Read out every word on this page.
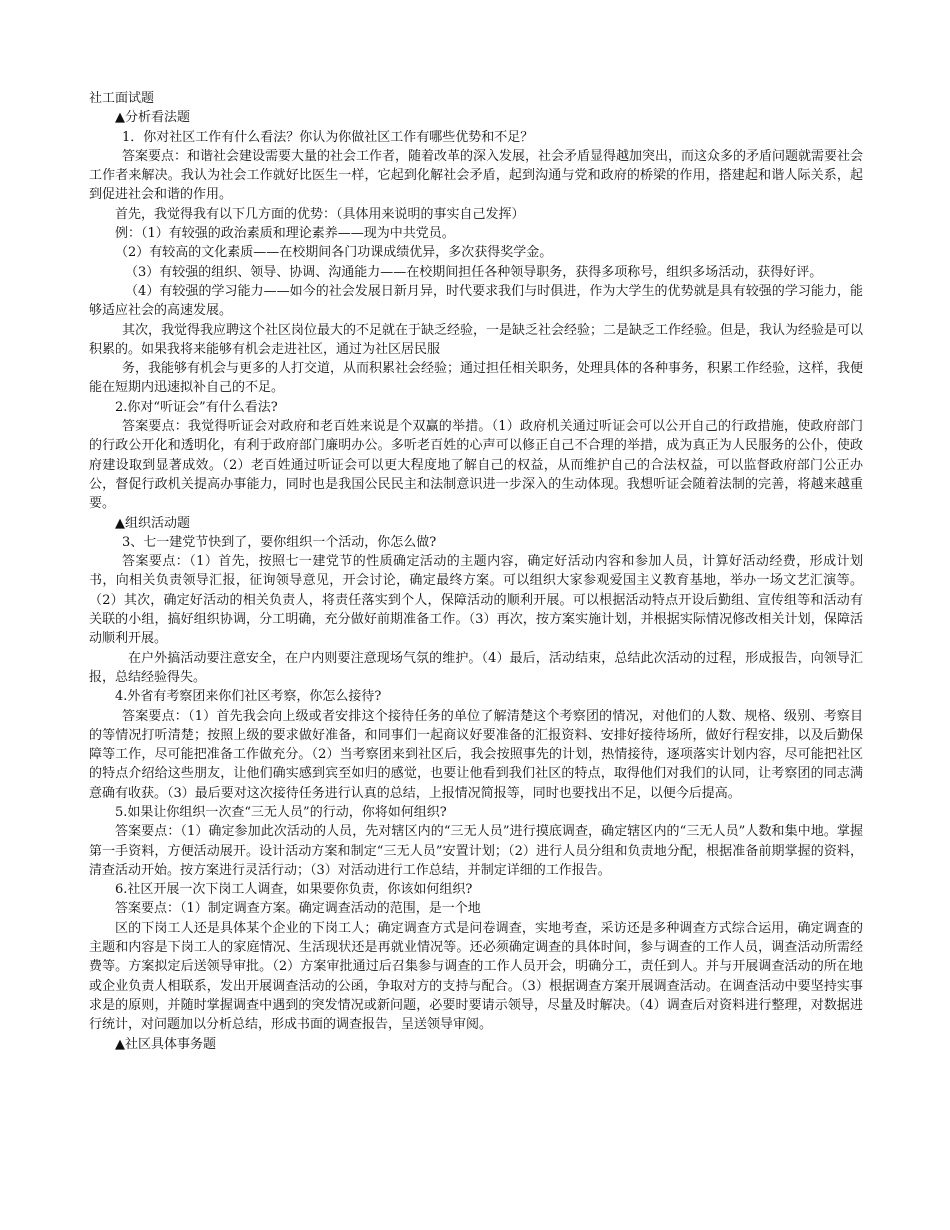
社工面试题

▲分析看法题

1．你对社区工作有什么看法？你认为你做社区工作有哪些优势和不足？

答案要点：和谐社会建设需要大量的社会工作者，随着改革的深入发展，社会矛盾显得越加突出，而这众多的矛盾问题就需要社会工作者来解决。我认为社会工作就好比医生一样，它起到化解社会矛盾，起到沟通与党和政府的桥梁的作用，搭建起和谐人际关系，起到促进社会和谐的作用。

首先，我觉得我有以下几方面的优势：（具体用来说明的事实自己发挥）

例：（1）有较强的政治素质和理论素养——现为中共党员。

（2）有较高的文化素质——在校期间各门功课成绩优异，多次获得奖学金。

（3）有较强的组织、领导、协调、沟通能力——在校期间担任各种领导职务，获得多项称号，组织多场活动，获得好评。

（4）有较强的学习能力——如今的社会发展日新月异，时代要求我们与时俱进，作为大学生的优势就是具有较强的学习能力，能够适应社会的高速发展。

其次，我觉得我应聘这个社区岗位最大的不足就在于缺乏经验，一是缺乏社会经验；二是缺乏工作经验。但是，我认为经验是可以积累的。如果我将来能够有机会走进社区，通过为社区居民服

务，我能够有机会与更多的人打交道，从而积累社会经验；通过担任相关职务，处理具体的各种事务，积累工作经验，这样，我便能在短期内迅速拟补自己的不足。

2.你对“听证会”有什么看法?

答案要点：我觉得听证会对政府和老百姓来说是个双赢的举措。（1）政府机关通过听证会可以公开自己的行政措施，使政府部门的行政公开化和透明化，有利于政府部门廉明办公。多听老百姓的心声可以修正自己不合理的举措，成为真正为人民服务的公仆，使政府建设取到显著成效。（2）老百姓通过听证会可以更大程度地了解自己的权益，从而维护自己的合法权益，可以监督政府部门公正办公，督促行政机关提高办事能力，同时也是我国公民民主和法制意识进一步深入的生动体现。我想听证会随着法制的完善，将越来越重要。

▲组织活动题

3、七一建党节快到了，要你组织一个活动，你怎么做?

答案要点：（1）首先，按照七一建党节的性质确定活动的主题内容，确定好活动内容和参加人员，计算好活动经费，形成计划书，向相关负责领导汇报，征询领导意见，开会讨论，确定最终方案。可以组织大家参观爱国主义教育基地，举办一场文艺汇演等。（2）其次，确定好活动的相关负责人，将责任落实到个人，保障活动的顺利开展。可以根据活动特点开设后勤组、宣传组等和活动有关联的小组，搞好组织协调，分工明确，充分做好前期准备工作。（3）再次，按方案实施计划，并根据实际情况修改相关计划，保障活动顺利开展。

在户外搞活动要注意安全，在户内则要注意现场气氛的维护。（4）最后，活动结束，总结此次活动的过程，形成报告，向领导汇报，总结经验得失。

4.外省有考察团来你们社区考察，你怎么接待?

答案要点：（1）首先我会向上级或者安排这个接待任务的单位了解清楚这个考察团的情况，对他们的人数、规格、级别、考察目的等情况打听清楚；按照上级的要求做好准备，和同事们一起商议好要准备的汇报资料、安排好接待场所，做好行程安排，以及后勤保障等工作，尽可能把准备工作做充分。（2）当考察团来到社区后，我会按照事先的计划，热情接待，逐项落实计划内容，尽可能把社区的特点介绍给这些朋友，让他们确实感到宾至如归的感觉，也要让他看到我们社区的特点，取得他们对我们的认同，让考察团的同志满意确有收获。（3）最后要对这次接待任务进行认真的总结，上报情况简报等，同时也要找出不足，以便今后提高。

5.如果让你组织一次查“三无人员”的行动，你将如何组织?

答案要点：（1）确定参加此次活动的人员，先对辖区内的“三无人员”进行摸底调查，确定辖区内的“三无人员”人数和集中地。掌握第一手资料，方便活动展开。设计活动方案和制定“三无人员”安置计划；（2）进行人员分组和负责地分配，根据准备前期掌握的资料，清查活动开始。按方案进行灵活行动；（3）对活动进行工作总结，并制定详细的工作报告。

6.社区开展一次下岗工人调查，如果要你负责，你该如何组织?

答案要点：（1）制定调查方案。确定调查活动的范围，是一个地

区的下岗工人还是具体某个企业的下岗工人；确定调查方式是问卷调查，实地考查，采访还是多种调查方式综合运用，确定调查的主题和内容是下岗工人的家庭情况、生活现状还是再就业情况等。还必须确定调查的具体时间，参与调查的工作人员，调查活动所需经费等。方案拟定后送领导审批。（2）方案审批通过后召集参与调查的工作人员开会，明确分工，责任到人。并与开展调查活动的所在地或企业负责人相联系，发出开展调查活动的公函，争取对方的支持与配合。（3）根据调查方案开展调查活动。在调查活动中要坚持实事求是的原则，并随时掌握调查中遇到的突发情况或新问题，必要时要请示领导，尽量及时解决。（4）调查后对资料进行整理，对数据进行统计，对问题加以分析总结，形成书面的调查报告，呈送领导审阅。

▲社区具体事务题
